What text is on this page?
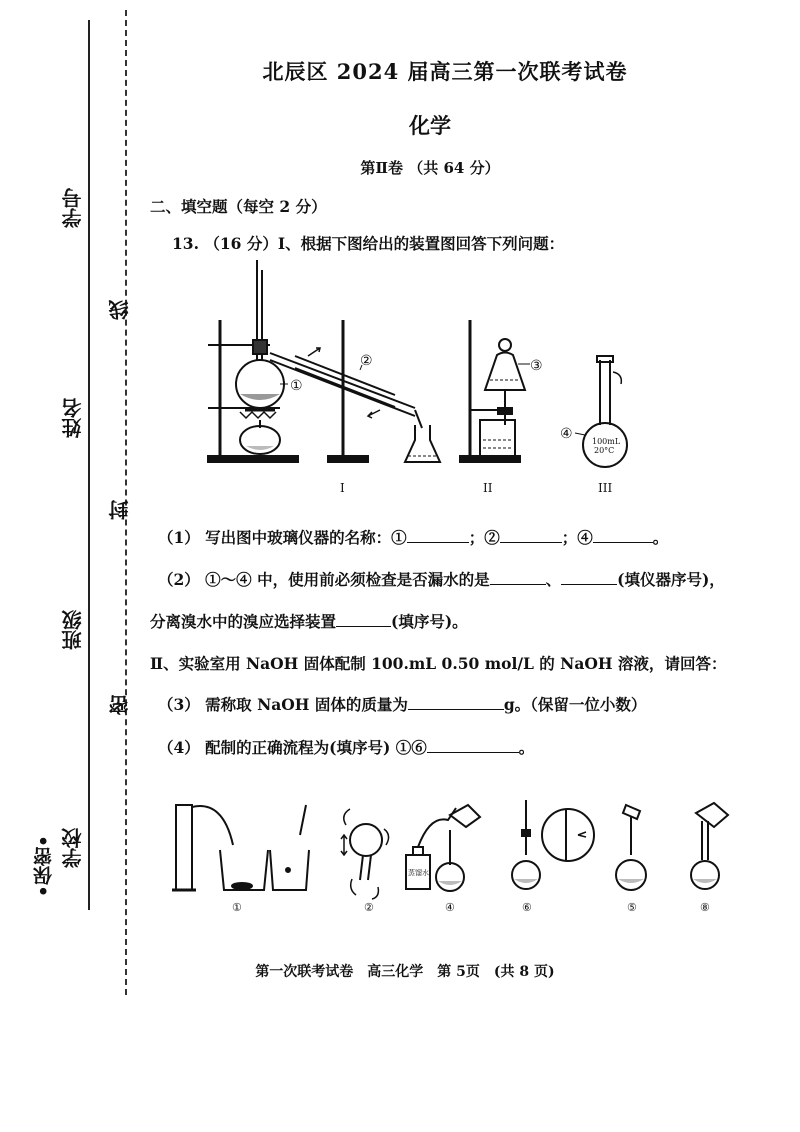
学号
姓名
班级
学校
线
封
密
•保密•
北辰区 2024 届高三第一次联考试卷
化学
第Ⅱ卷 （共 64 分）
二、填空题（每空 2 分）
13. （16 分）Ⅰ、根据下图给出的装置图回答下列问题：
100mL
20°C
①
②	③
④
I	II	III
（1） 写出图中玻璃仪器的名称：①	；②	；④	。
（2） ①～④ 中，使用前必须检查是否漏水的是	、	(填仪器序号)，
分离溴水中的溴应选择装置	(填序号)。
Ⅱ、实验室用 NaOH 固体配制 100.mL 0.50 mol/L 的 NaOH 溶液，请回答：
（3） 需称取 NaOH 固体的质量为	g。（保留一位小数）
（4） 配制的正确流程为(填序号) ①⑥	。
蒸馏水
①	②	④	⑥	⑤	⑧
第一次联考试卷　高三化学　第 5页　(共 8 页)
